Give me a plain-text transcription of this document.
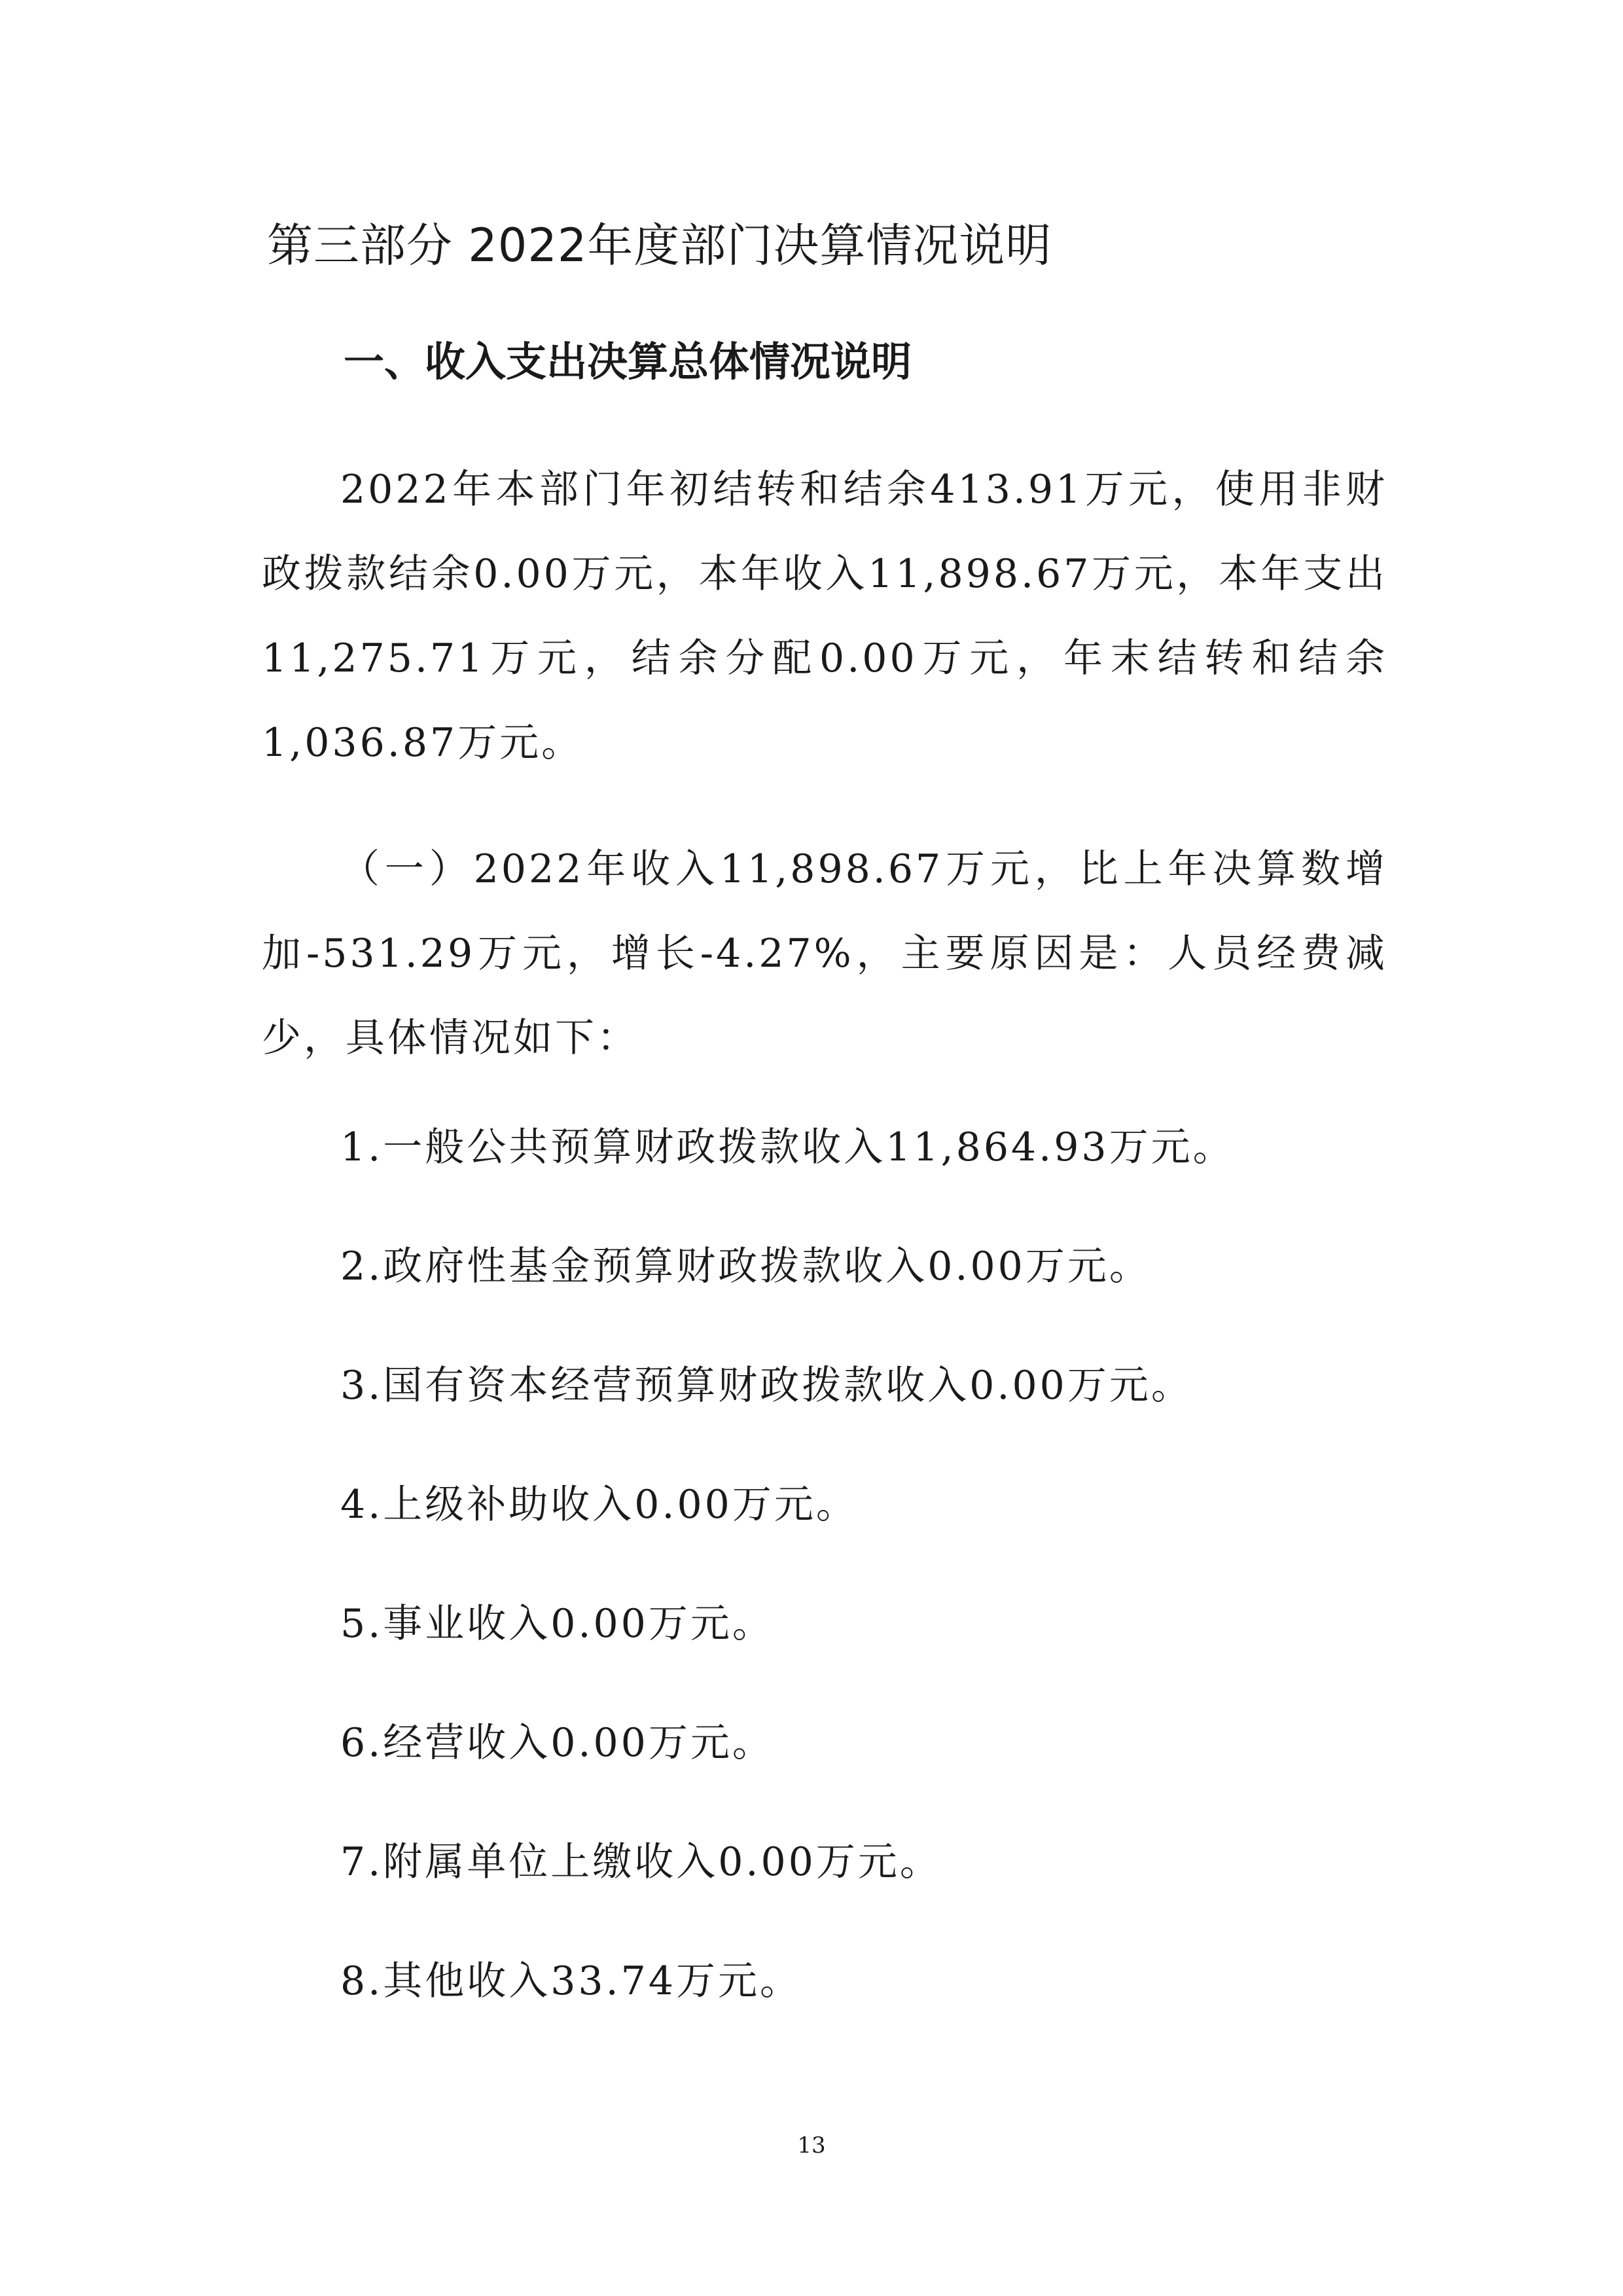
第三部分 2022年度部门决算情况说明
一、收入支出决算总体情况说明

2022年本部门年初结转和结余413.91万元，使用非财政拨款结余0.00万元，本年收入11,898.67万元，本年支出11,275.71万元，结余分配0.00万元，年末结转和结余1,036.87万元。

（一）2022年收入11,898.67万元，比上年决算数增加-531.29万元，增长-4.27%，主要原因是：人员经费减少，具体情况如下：

1.一般公共预算财政拨款收入11,864.93万元。
2.政府性基金预算财政拨款收入0.00万元。
3.国有资本经营预算财政拨款收入0.00万元。
4.上级补助收入0.00万元。
5.事业收入0.00万元。
6.经营收入0.00万元。
7.附属单位上缴收入0.00万元。
8.其他收入33.74万元。
13
